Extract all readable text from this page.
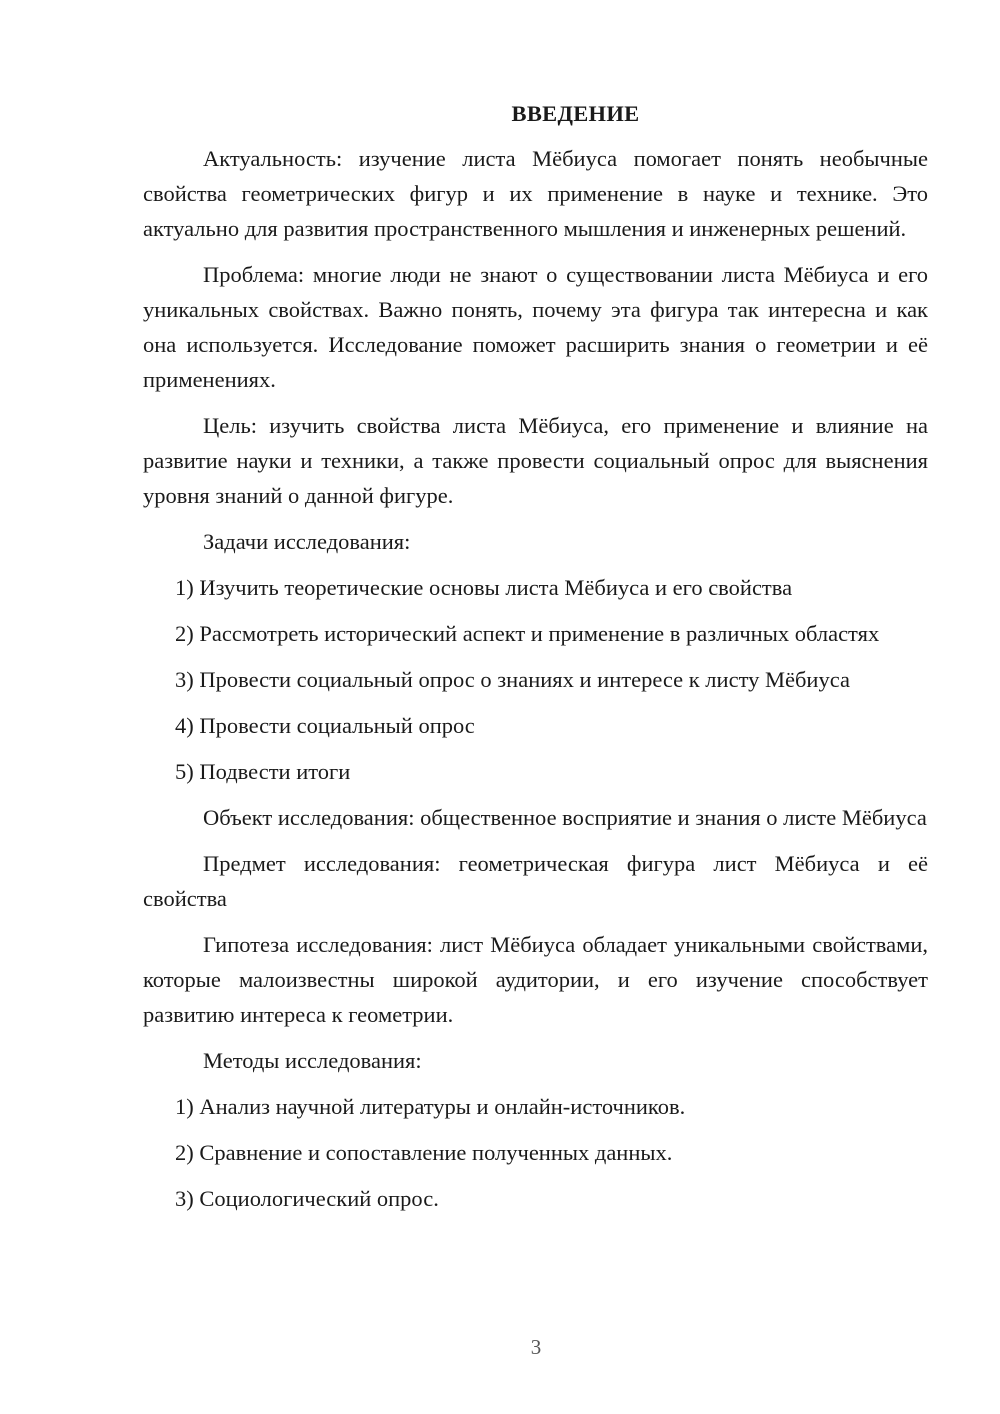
ВВЕДЕНИЕ

Актуальность: изучение листа Мёбиуса помогает понять необычные свойства геометрических фигур и их применение в науке и технике. Это актуально для развития пространственного мышления и инженерных решений.

Проблема: многие люди не знают о существовании листа Мёбиуса и его уникальных свойствах. Важно понять, почему эта фигура так интересна и как она используется. Исследование поможет расширить знания о геометрии и её применениях.

Цель: изучить свойства листа Мёбиуса, его применение и влияние на развитие науки и техники, а также провести социальный опрос для выяснения уровня знаний о данной фигуре.

Задачи исследования:

1) Изучить теоретические основы листа Мёбиуса и его свойства

2) Рассмотреть исторический аспект и применение в различных областях

3) Провести социальный опрос о знаниях и интересе к листу Мёбиуса

4) Провести социальный опрос

5) Подвести итоги

Объект исследования: общественное восприятие и знания о листе Мёбиуса

Предмет исследования: геометрическая фигура лист Мёбиуса и её свойства

Гипотеза исследования: лист Мёбиуса обладает уникальными свойствами, которые малоизвестны широкой аудитории, и его изучение способствует развитию интереса к геометрии.

Методы исследования:

1) Анализ научной литературы и онлайн-источников.

2) Сравнение и сопоставление полученных данных.

3) Социологический опрос.

3
